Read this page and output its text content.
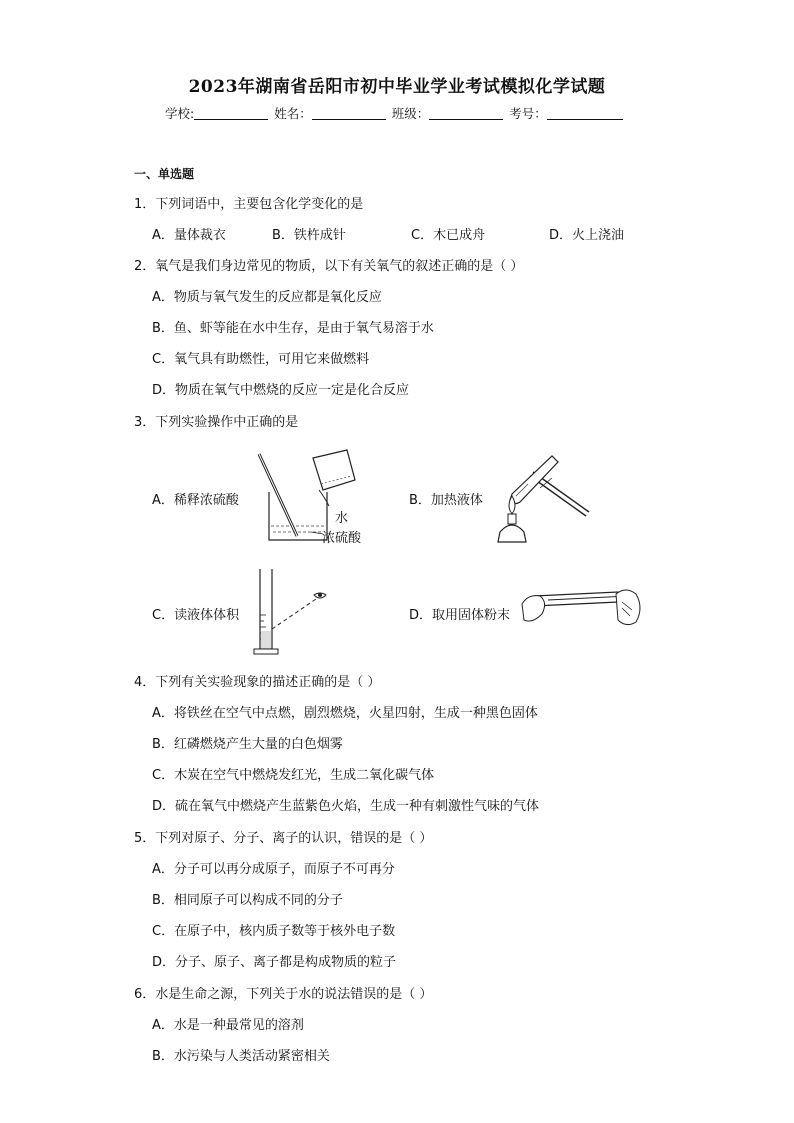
2023年湖南省岳阳市初中毕业学业考试模拟化学试题
学校:	姓名：	班级：	考号：
一、单选题
1．下列词语中，主要包含化学变化的是
A．量体裁衣	B．铁杵成针	C．木已成舟	D．火上浇油
2．氧气是我们身边常见的物质，以下有关氧气的叙述正确的是（ ）
A．物质与氧气发生的反应都是氧化反应
B．鱼、虾等能在水中生存，是由于氧气易溶于水
C．氧气具有助燃性，可用它来做燃料
D．物质在氧气中燃烧的反应一定是化合反应
3．下列实验操作中正确的是
A．稀释浓硫酸	B．加热液体
C．读液体体积	D．取用固体粉末
水
浓硫酸
4．下列有关实验现象的描述正确的是（ ）
A．将铁丝在空气中点燃，剧烈燃烧，火星四射，生成一种黑色固体
B．红磷燃烧产生大量的白色烟雾
C．木炭在空气中燃烧发红光，生成二氧化碳气体
D．硫在氧气中燃烧产生蓝紫色火焰，生成一种有刺激性气味的气体
5．下列对原子、分子、离子的认识，错误的是（ ）
A．分子可以再分成原子，而原子不可再分
B．相同原子可以构成不同的分子
C．在原子中，核内质子数等于核外电子数
D．分子、原子、离子都是构成物质的粒子
6．水是生命之源，下列关于水的说法错误的是（ ）
A．水是一种最常见的溶剂
B．水污染与人类活动紧密相关
